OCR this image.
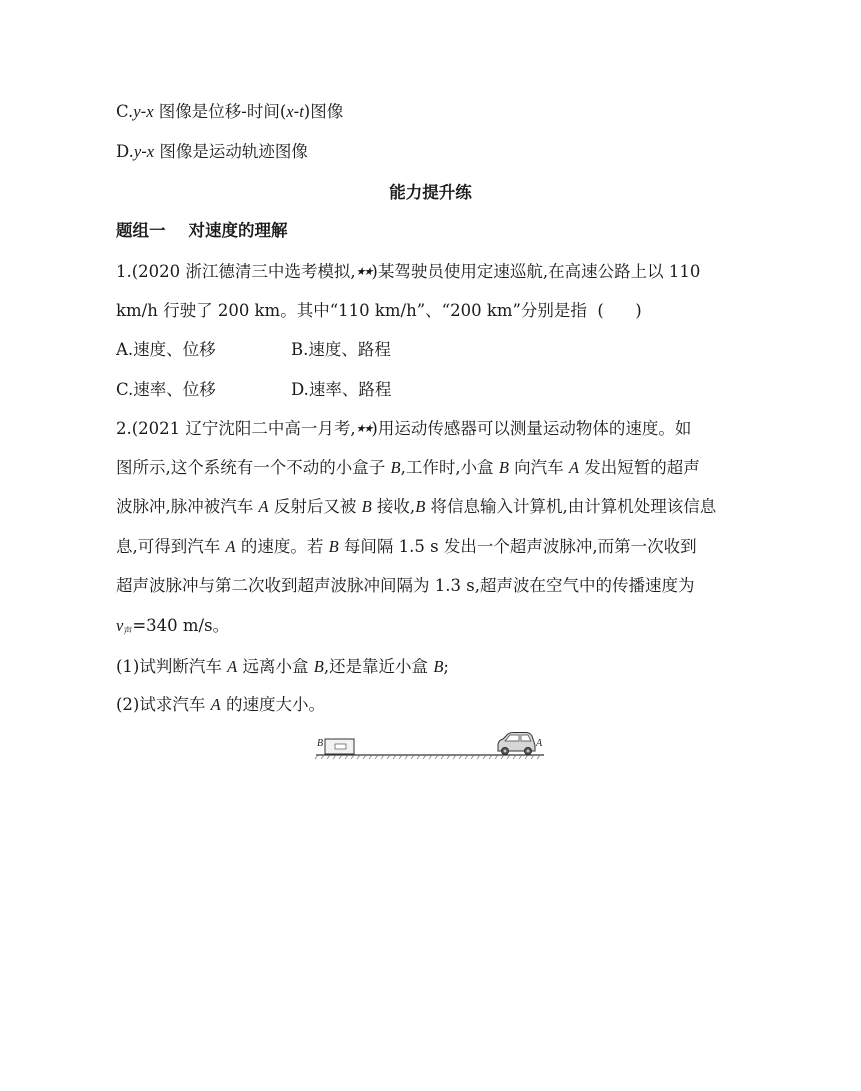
C.y-x 图像是位移-时间(x-t)图像
D.y-x 图像是运动轨迹图像
能力提升练
题组一    对速度的理解
1.(2020 浙江德清三中选考模拟,★★)某驾驶员使用定速巡航,在高速公路上以 110
km/h 行驶了 200 km。其中“110 km/h”、“200 km”分别是指  (      )
A.速度、位移	B.速度、路程
C.速率、位移	D.速率、路程
2.(2021 辽宁沈阳二中高一月考,★★)用运动传感器可以测量运动物体的速度。如
图所示,这个系统有一个不动的小盒子 B,工作时,小盒 B 向汽车 A 发出短暂的超声
波脉冲,脉冲被汽车 A 反射后又被 B 接收,B 将信息输入计算机,由计算机处理该信息
息,可得到汽车 A 的速度。若 B 每间隔 1.5 s 发出一个超声波脉冲,而第一次收到
超声波脉冲与第二次收到超声波脉冲间隔为 1.3 s,超声波在空气中的传播速度为
$v_声=340$ m/s。
(1)试判断汽车 A 远离小盒 B,还是靠近小盒 B;
(2)试求汽车 A 的速度大小。
B	A
